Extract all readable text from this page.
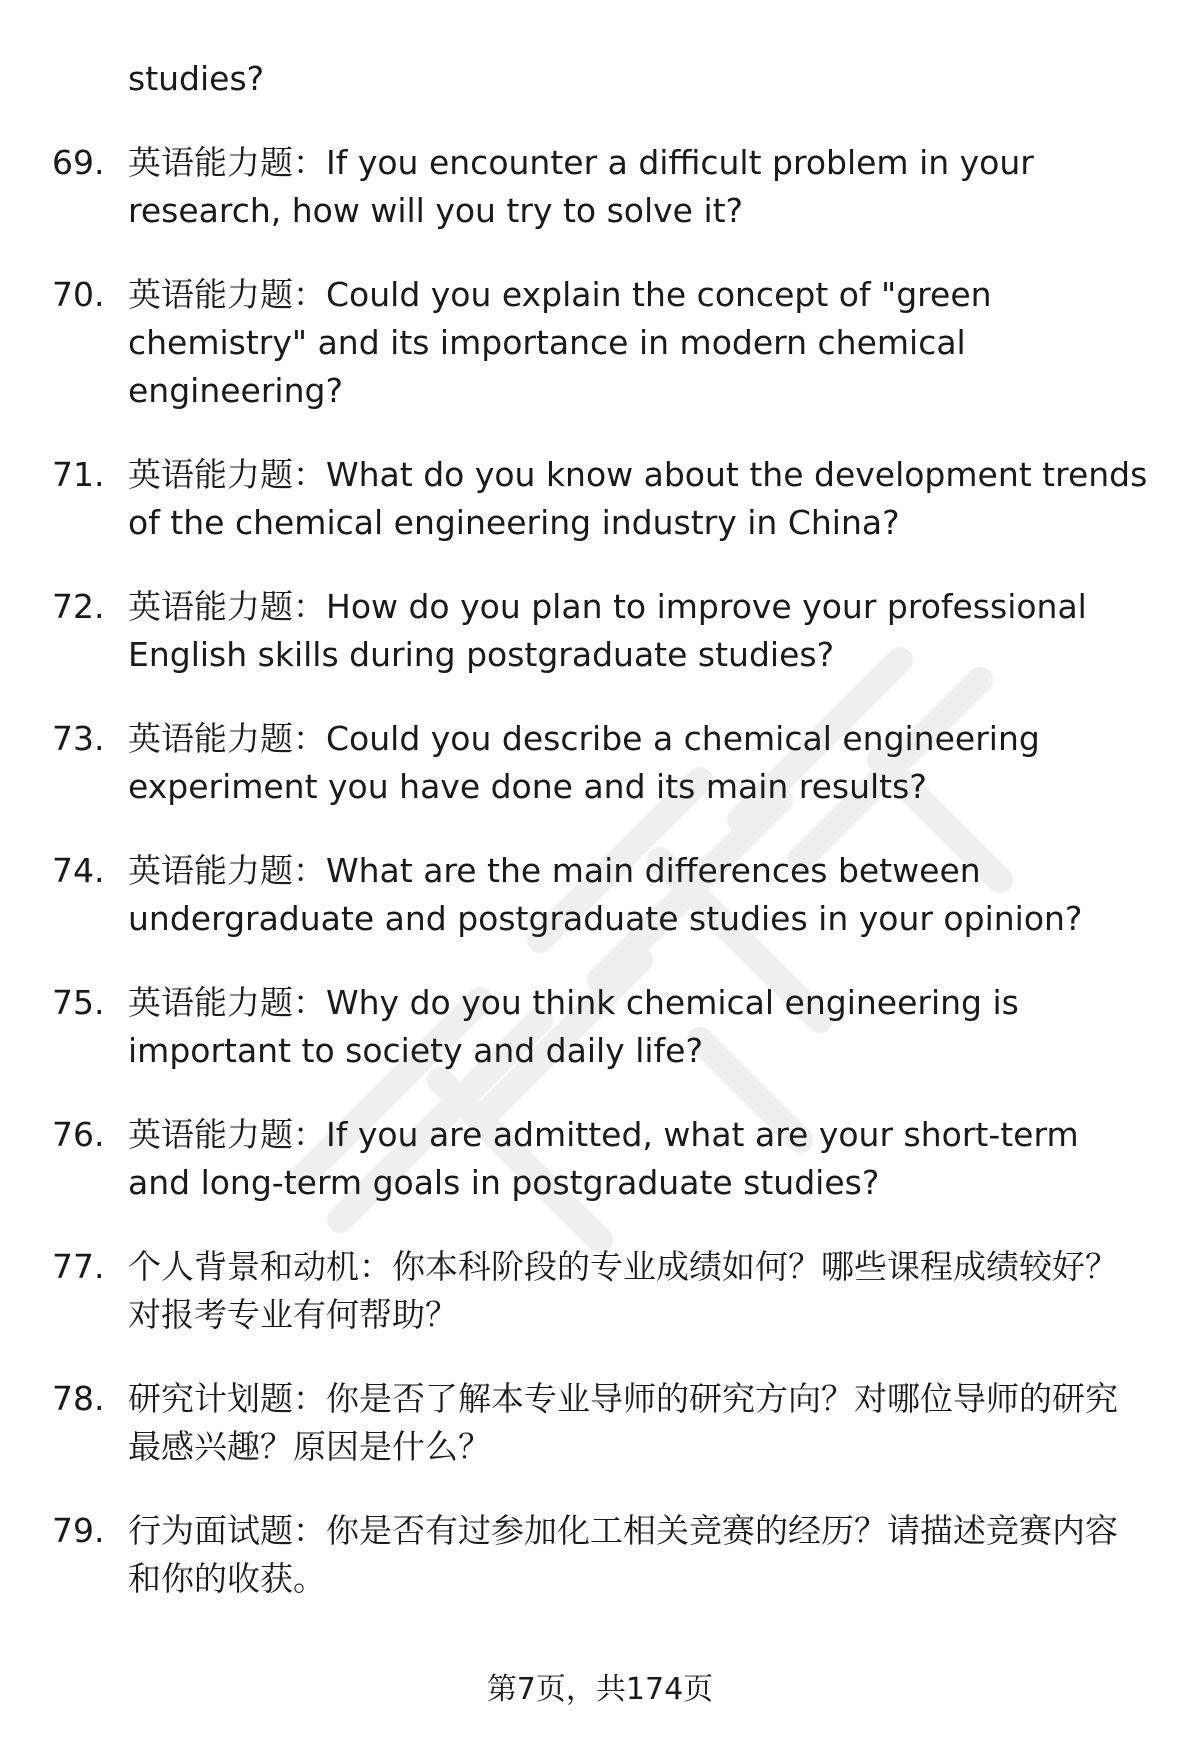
studies?
69. 英语能力题：If you encounter a difficult problem in your research, how will you try to solve it?
70. 英语能力题：Could you explain the concept of "green chemistry" and its importance in modern chemical engineering?
71. 英语能力题：What do you know about the development trends of the chemical engineering industry in China?
72. 英语能力题：How do you plan to improve your professional English skills during postgraduate studies?
73. 英语能力题：Could you describe a chemical engineering experiment you have done and its main results?
74. 英语能力题：What are the main differences between undergraduate and postgraduate studies in your opinion?
75. 英语能力题：Why do you think chemical engineering is important to society and daily life?
76. 英语能力题：If you are admitted, what are your short-term and long-term goals in postgraduate studies?
77. 个人背景和动机：你本科阶段的专业成绩如何？哪些课程成绩较好？对报考专业有何帮助？
78. 研究计划题：你是否了解本专业导师的研究方向？对哪位导师的研究最感兴趣？原因是什么？
79. 行为面试题：你是否有过参加化工相关竞赛的经历？请描述竞赛内容和你的收获。
第7页，共174页
